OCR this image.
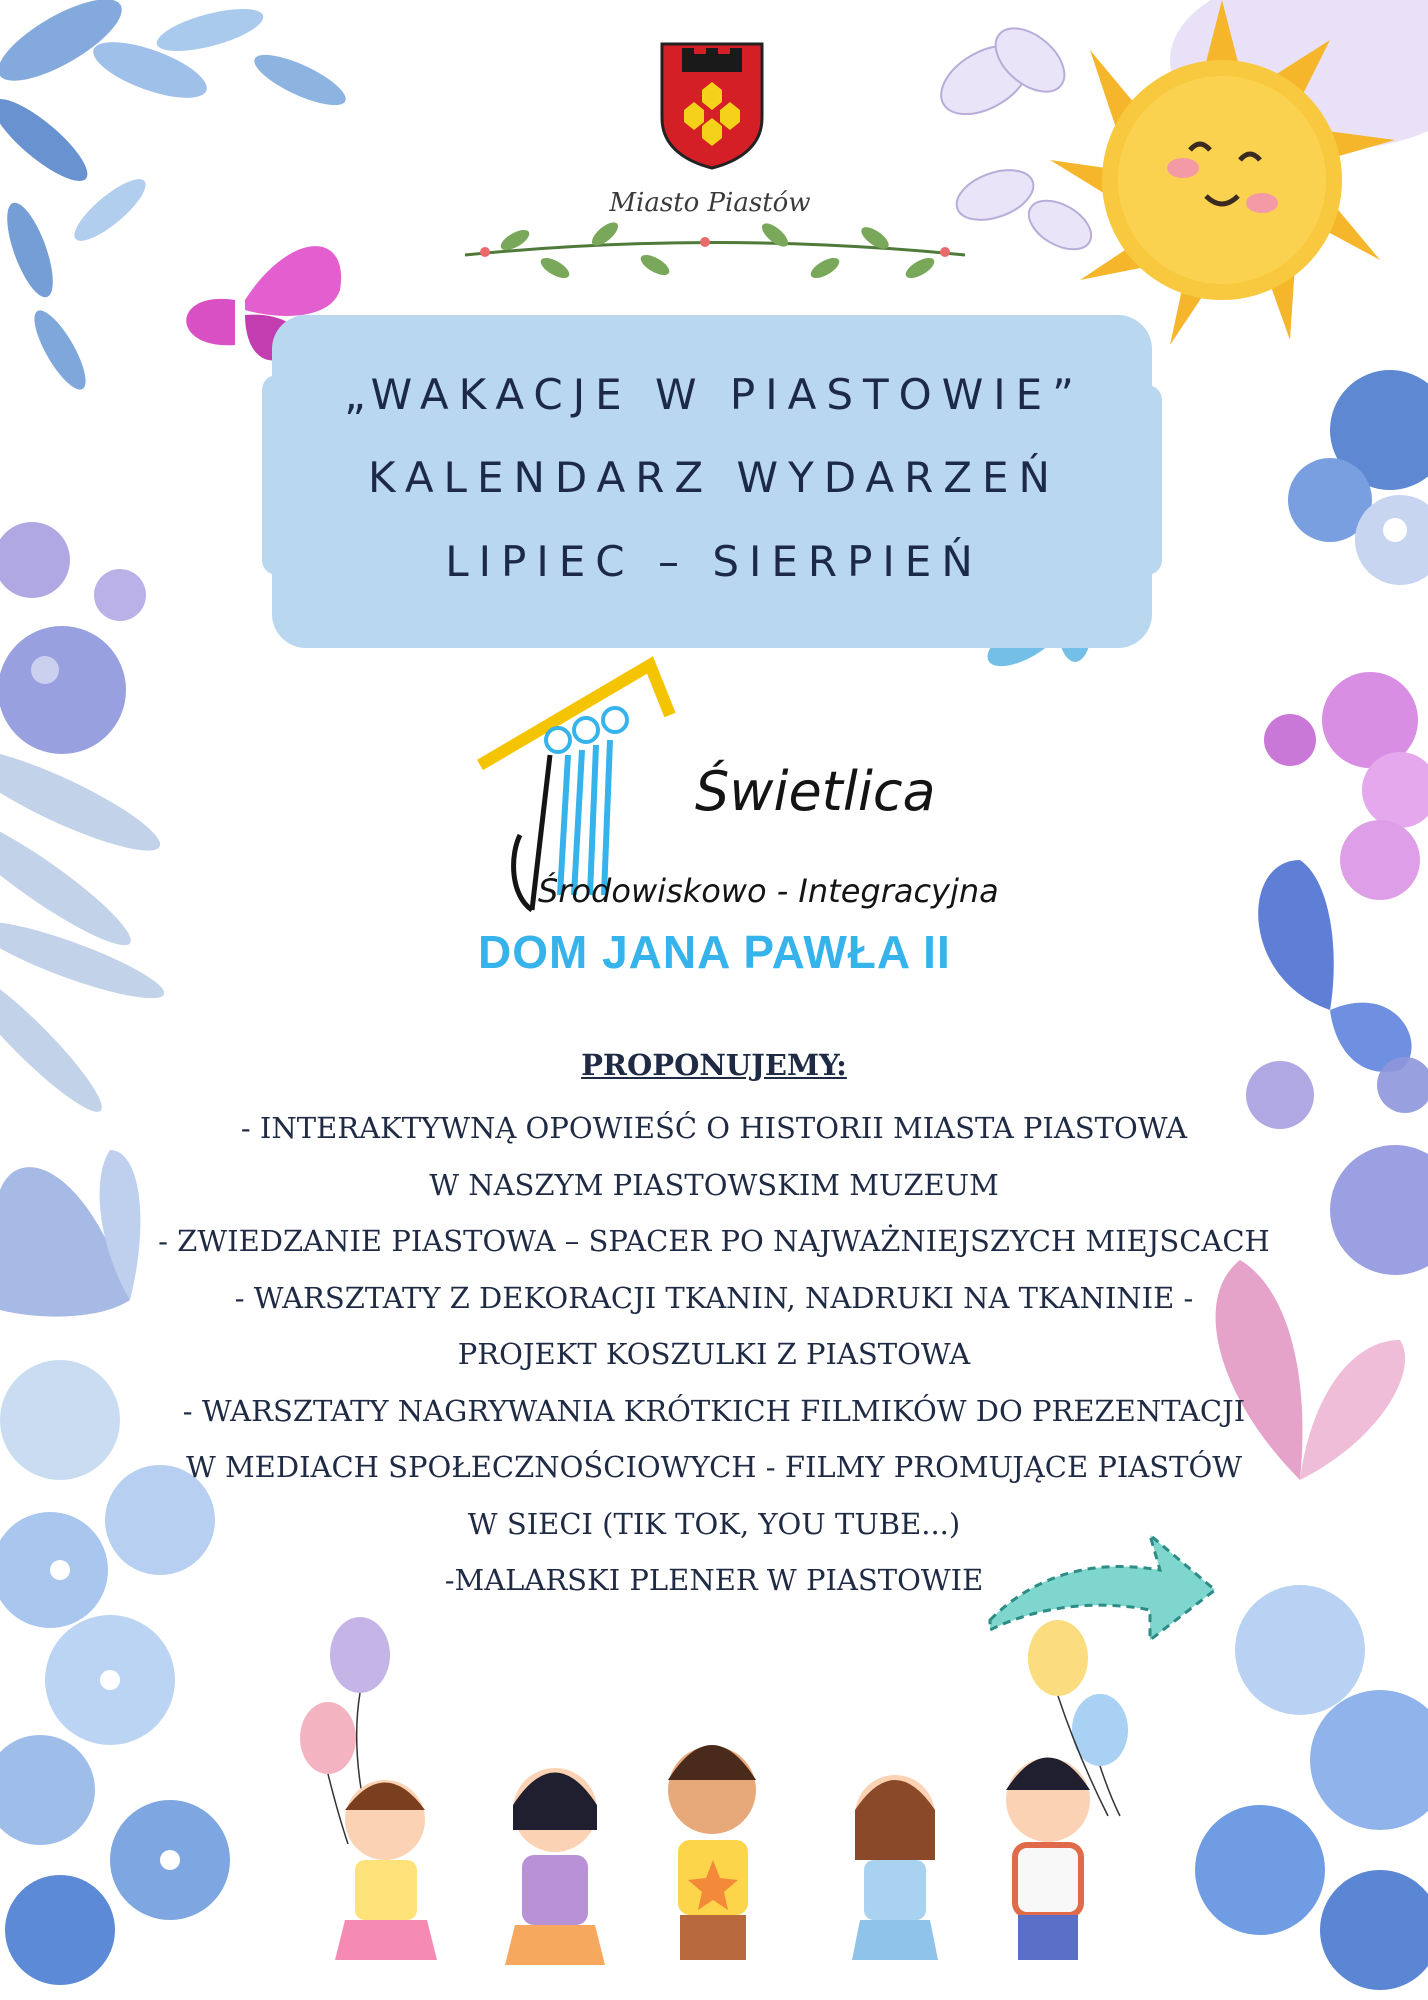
Miasto Piastów
„WAKACJE W PIASTOWIE”
KALENDARZ WYDARZEŃ
LIPIEC – SIERPIEŃ
Świetlica
Środowiskowo - Integracyjna
DOM JANA PAWŁA II
PROPONUJEMY:
- INTERAKTYWNĄ OPOWIEŚĆ O HISTORII MIASTA PIASTOWA
W NASZYM PIASTOWSKIM MUZEUM
- ZWIEDZANIE PIASTOWA – SPACER PO NAJWAŻNIEJSZYCH MIEJSCACH
- WARSZTATY Z DEKORACJI TKANIN, NADRUKI NA TKANINIE -
PROJEKT KOSZULKI Z PIASTOWA
- WARSZTATY NAGRYWANIA KRÓTKICH FILMIKÓW DO PREZENTACJI
W MEDIACH SPOŁECZNOŚCIOWYCH - FILMY PROMUJĄCE PIASTÓW
W SIECI (TIK TOK, YOU TUBE...)
-MALARSKI PLENER W PIASTOWIE
